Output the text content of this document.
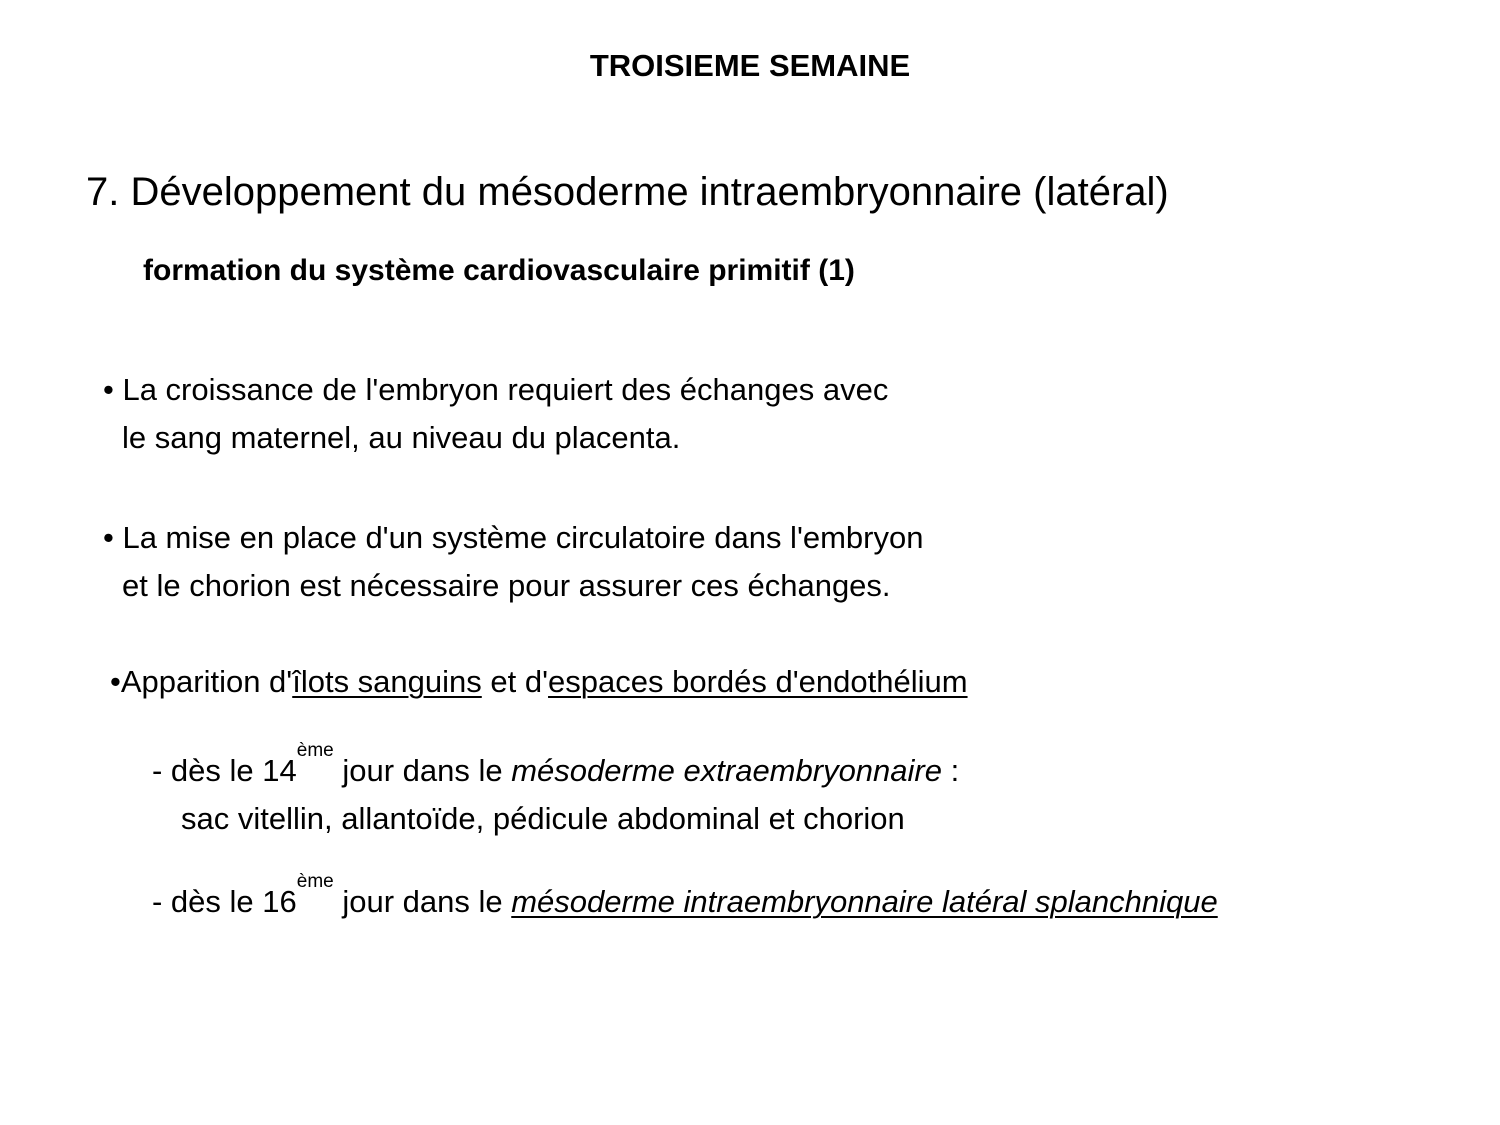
TROISIEME SEMAINE
7. Développement du mésoderme intraembryonnaire (latéral)
formation du système cardiovasculaire primitif (1)
• La croissance de l'embryon requiert des échanges avec
le sang maternel, au niveau du placenta.
• La mise en place d'un système circulatoire dans l'embryon
et le chorion est nécessaire pour assurer ces échanges.
•Apparition d'îlots sanguins et d'espaces bordés d'endothélium
- dès le 14ème jour dans le mésoderme extraembryonnaire :
sac vitellin, allantoïde, pédicule abdominal et chorion
- dès le 16ème jour dans le mésoderme intraembryonnaire latéral splanchnique
